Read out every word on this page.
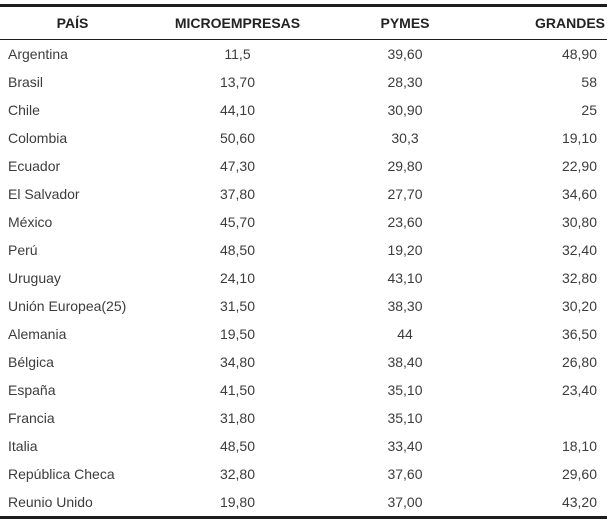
PAÍS	MICROEMPRESAS	PYMES	GRANDES
Argentina	11,5	39,60	48,90
Brasil	13,70	28,30	58
Chile	44,10	30,90	25
Colombia	50,60	30,3	19,10
Ecuador	47,30	29,80	22,90
El Salvador	37,80	27,70	34,60
México	45,70	23,60	30,80
Perú	48,50	19,20	32,40
Uruguay	24,10	43,10	32,80
Unión Europea(25)	31,50	38,30	30,20
Alemania	19,50	44	36,50
Bélgica	34,80	38,40	26,80
España	41,50	35,10	23,40
Francia	31,80	35,10	
Italia	48,50	33,40	18,10
República Checa	32,80	37,60	29,60
Reunio Unido	19,80	37,00	43,20
